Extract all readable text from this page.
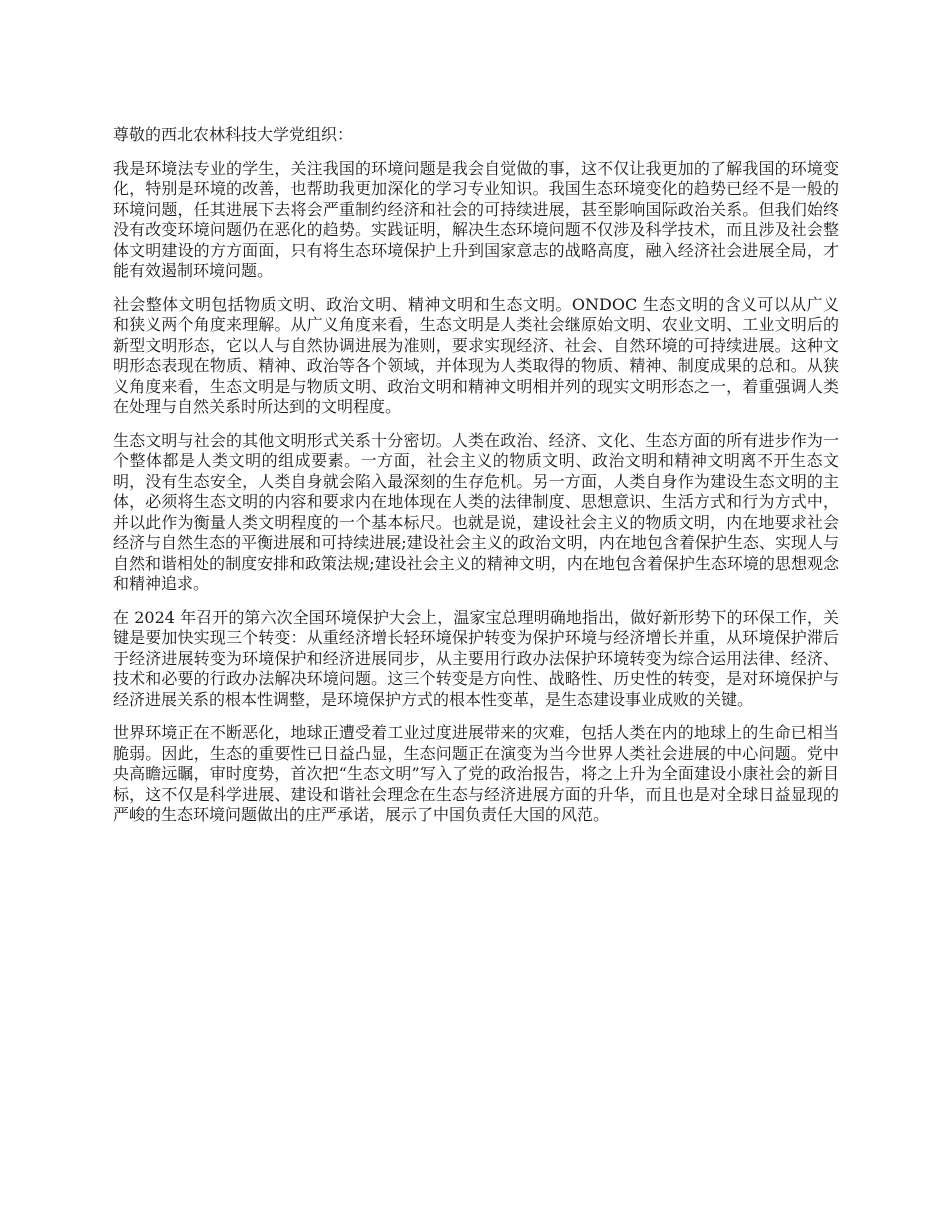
尊敬的西北农林科技大学党组织：

我是环境法专业的学生，关注我国的环境问题是我会自觉做的事，这不仅让我更加的了解我国的环境变化，特别是环境的改善，也帮助我更加深化的学习专业知识。我国生态环境变化的趋势已经不是一般的环境问题，任其进展下去将会严重制约经济和社会的可持续进展，甚至影响国际政治关系。但我们始终没有改变环境问题仍在恶化的趋势。实践证明，解决生态环境问题不仅涉及科学技术，而且涉及社会整体文明建设的方方面面，只有将生态环境保护上升到国家意志的战略高度，融入经济社会进展全局，才能有效遏制环境问题。

社会整体文明包括物质文明、政治文明、精神文明和生态文明。ONDOC 生态文明的含义可以从广义和狭义两个角度来理解。从广义角度来看，生态文明是人类社会继原始文明、农业文明、工业文明后的新型文明形态，它以人与自然协调进展为准则，要求实现经济、社会、自然环境的可持续进展。这种文明形态表现在物质、精神、政治等各个领域，并体现为人类取得的物质、精神、制度成果的总和。从狭义角度来看，生态文明是与物质文明、政治文明和精神文明相并列的现实文明形态之一，着重强调人类在处理与自然关系时所达到的文明程度。

生态文明与社会的其他文明形式关系十分密切。人类在政治、经济、文化、生态方面的所有进步作为一个整体都是人类文明的组成要素。一方面，社会主义的物质文明、政治文明和精神文明离不开生态文明，没有生态安全，人类自身就会陷入最深刻的生存危机。另一方面，人类自身作为建设生态文明的主体，必须将生态文明的内容和要求内在地体现在人类的法律制度、思想意识、生活方式和行为方式中，并以此作为衡量人类文明程度的一个基本标尺。也就是说，建设社会主义的物质文明，内在地要求社会经济与自然生态的平衡进展和可持续进展;建设社会主义的政治文明，内在地包含着保护生态、实现人与自然和谐相处的制度安排和政策法规;建设社会主义的精神文明，内在地包含着保护生态环境的思想观念和精神追求。

在 2024 年召开的第六次全国环境保护大会上，温家宝总理明确地指出，做好新形势下的环保工作，关键是要加快实现三个转变：从重经济增长轻环境保护转变为保护环境与经济增长并重，从环境保护滞后于经济进展转变为环境保护和经济进展同步，从主要用行政办法保护环境转变为综合运用法律、经济、技术和必要的行政办法解决环境问题。这三个转变是方向性、战略性、历史性的转变，是对环境保护与经济进展关系的根本性调整，是环境保护方式的根本性变革，是生态建设事业成败的关键。

世界环境正在不断恶化，地球正遭受着工业过度进展带来的灾难，包括人类在内的地球上的生命已相当脆弱。因此，生态的重要性已日益凸显，生态问题正在演变为当今世界人类社会进展的中心问题。党中央高瞻远瞩，审时度势，首次把“生态文明”写入了党的政治报告，将之上升为全面建设小康社会的新目标，这不仅是科学进展、建设和谐社会理念在生态与经济进展方面的升华，而且也是对全球日益显现的严峻的生态环境问题做出的庄严承诺，展示了中国负责任大国的风范。
